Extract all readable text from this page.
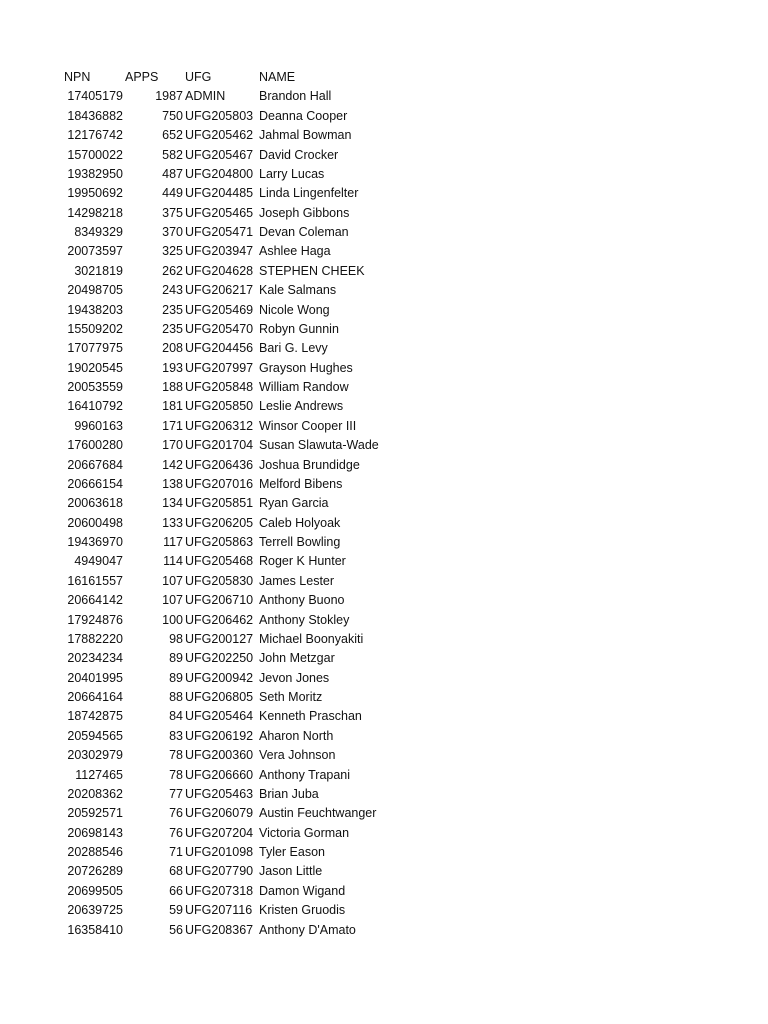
NPN	APPS UFG	NAME
17405179	1987 ADMIN	Brandon Hall
18436882	750 UFG205803 Deanna Cooper
12176742	652 UFG205462 Jahmal Bowman
15700022	582 UFG205467 David Crocker
19382950	487 UFG204800 Larry Lucas
19950692	449 UFG204485 Linda Lingenfelter
14298218	375 UFG205465 Joseph Gibbons
8349329	370 UFG205471 Devan Coleman
20073597	325 UFG203947 Ashlee Haga
3021819	262 UFG204628 STEPHEN CHEEK
20498705	243 UFG206217 Kale Salmans
19438203	235 UFG205469 Nicole Wong
15509202	235 UFG205470 Robyn Gunnin
17077975	208 UFG204456 Bari G. Levy
19020545	193 UFG207997 Grayson Hughes
20053559	188 UFG205848 William Randow
16410792	181 UFG205850 Leslie Andrews
9960163	171 UFG206312 Winsor Cooper III
17600280	170 UFG201704 Susan Slawuta-Wade
20667684	142 UFG206436 Joshua Brundidge
20666154	138 UFG207016 Melford Bibens
20063618	134 UFG205851 Ryan Garcia
20600498	133 UFG206205 Caleb Holyoak
19436970	117 UFG205863 Terrell Bowling
4949047	114 UFG205468 Roger K Hunter
16161557	107 UFG205830 James Lester
20664142	107 UFG206710 Anthony Buono
17924876	100 UFG206462 Anthony Stokley
17882220	98 UFG200127 Michael Boonyakiti
20234234	89 UFG202250 John Metzgar
20401995	89 UFG200942 Jevon Jones
20664164	88 UFG206805 Seth Moritz
18742875	84 UFG205464 Kenneth Praschan
20594565	83 UFG206192 Aharon North
20302979	78 UFG200360 Vera Johnson
1127465	78 UFG206660 Anthony Trapani
20208362	77 UFG205463 Brian Juba
20592571	76 UFG206079 Austin Feuchtwanger
20698143	76 UFG207204 Victoria Gorman
20288546	71 UFG201098 Tyler Eason
20726289	68 UFG207790 Jason Little
20699505	66 UFG207318 Damon Wigand
20639725	59 UFG207116 Kristen Gruodis
16358410	56 UFG208367 Anthony D'Amato
